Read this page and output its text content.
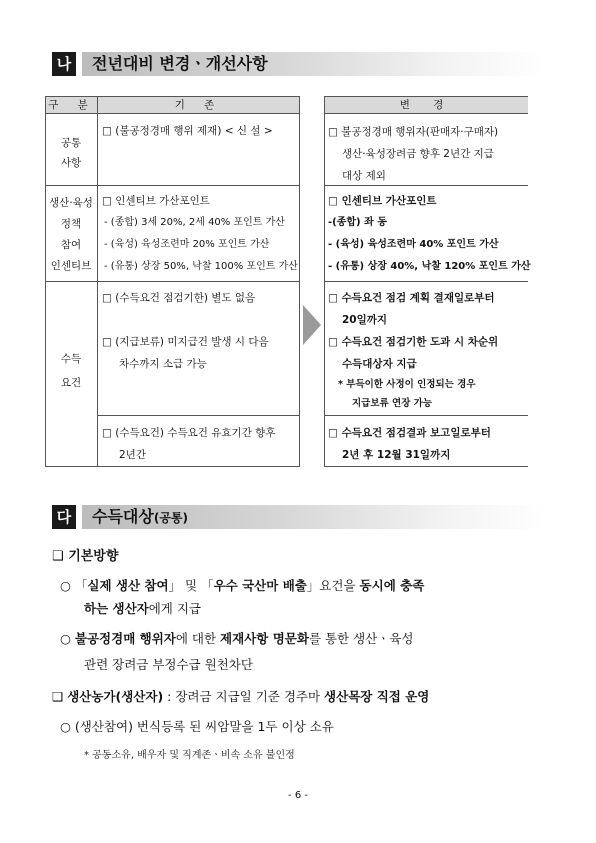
나 전년대비 변경ㆍ개선사항
구 분	기 존
공통
사항
□ (불공정경매 행위 제재) < 신 설 >
생산·육성
정책
참여
인센티브
□ 인센티브 가산포인트
- (종합) 3세 20%, 2세 40% 포인트 가산
- (육성) 육성조련마 20% 포인트 가산
- (유통) 상장 50%, 낙찰 100% 포인트 가산
수득
요건
□ (수득요건 점검기한) 별도 없음
□ (지급보류) 미지급건 발생 시 다음
차수까지 소급 가능
□ (수득요건) 수득요건 유효기간 향후
2년간
변 경
□ 불공정경매 행위자(판매자·구매자)
생산·육성장려금 향후 2년간 지급
대상 제외
□ 인센티브 가산포인트
-(종합) 좌 동
- (육성) 육성조련마 40% 포인트 가산
- (유통) 상장 40%, 낙찰 120% 포인트 가산
□ 수득요건 점검 계획 결재일로부터
20일까지
□ 수득요건 점검기한 도과 시 차순위
수득대상자 지급
* 부득이한 사정이 인정되는 경우
지급보류 연장 가능
□ 수득요건 점검결과 보고일로부터
2년 후 12월 31일까지
다 수득대상(공통)
❑ 기본방향
○ 「실제 생산 참여」 및 「우수 국산마 배출」요건을 동시에 충족
하는 생산자에게 지급
○ 불공정경매 행위자에 대한 제재사항 명문화를 통한 생산ㆍ육성
관련 장려금 부정수급 원천차단
❑ 생산농가(생산자) : 장려금 지급일 기준 경주마 생산목장 직접 운영
○ (생산참여) 번식등록 된 씨암말을 1두 이상 소유
* 공동소유, 배우자 및 직계존ㆍ비속 소유 불인정
- 6 -
